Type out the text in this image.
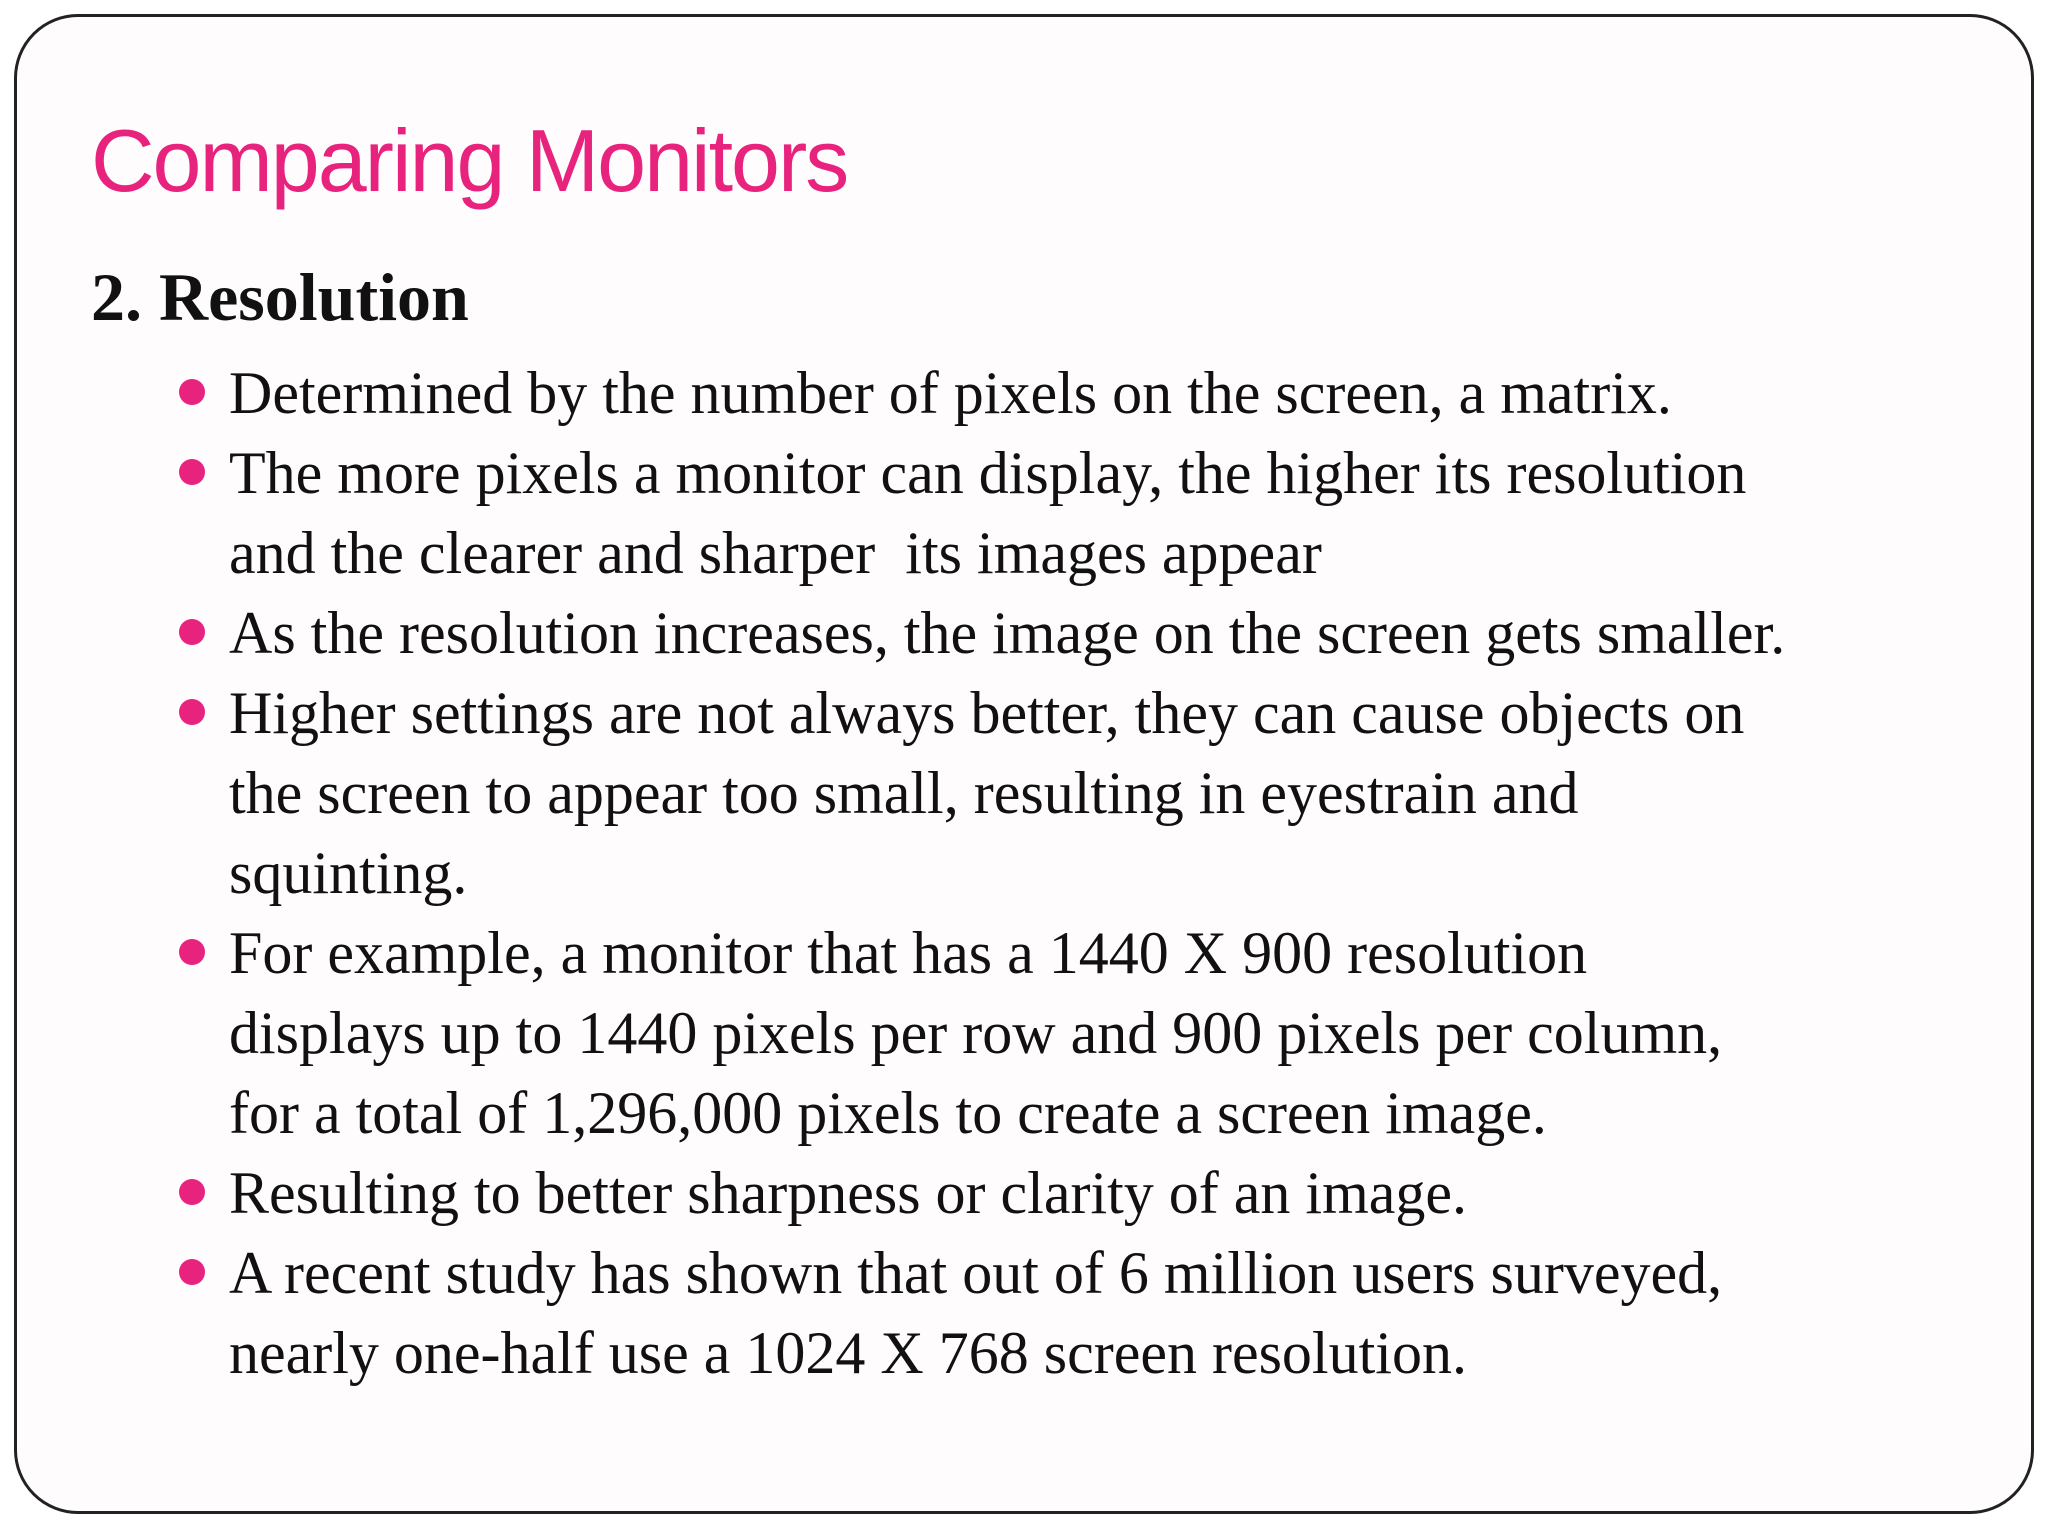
Comparing Monitors
2. Resolution
Determined by the number of pixels on the screen, a matrix.
The more pixels a monitor can display, the higher its resolution
and the clearer and sharper  its images appear
As the resolution increases, the image on the screen gets smaller.
Higher settings are not always better, they can cause objects on
the screen to appear too small, resulting in eyestrain and
squinting.
For example, a monitor that has a 1440 X 900 resolution
displays up to 1440 pixels per row and 900 pixels per column,
for a total of 1,296,000 pixels to create a screen image.
Resulting to better sharpness or clarity of an image.
A recent study has shown that out of 6 million users surveyed,
nearly one-half use a 1024 X 768 screen resolution.
